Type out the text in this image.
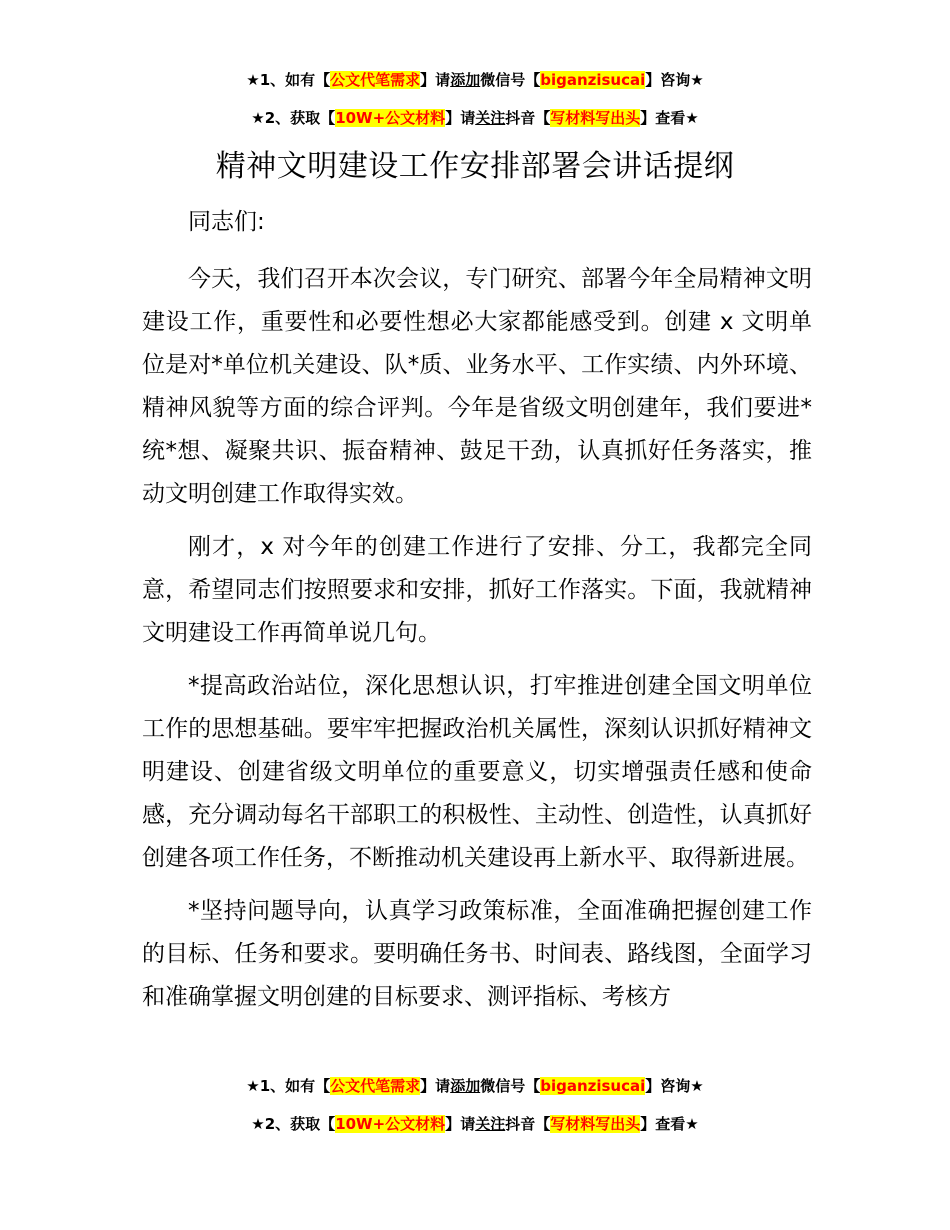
★1、如有【公文代笔需求】请添加微信号【biganzisucai】咨询★
★2、获取【10W+公文材料】请关注抖音【写材料写出头】查看★
精神文明建设工作安排部署会讲话提纲

同志们:

今天，我们召开本次会议，专门研究、部署今年全局精神文明建设工作，重要性和必要性想必大家都能感受到。创建 x 文明单位是对*单位机关建设、队*质、业务水平、工作实绩、内外环境、精神风貌等方面的综合评判。今年是省级文明创建年，我们要进*统*想、凝聚共识、振奋精神、鼓足干劲，认真抓好任务落实，推动文明创建工作取得实效。

刚才，x 对今年的创建工作进行了安排、分工，我都完全同意，希望同志们按照要求和安排，抓好工作落实。下面，我就精神文明建设工作再简单说几句。

*提高政治站位，深化思想认识，打牢推进创建全国文明单位工作的思想基础。要牢牢把握政治机关属性，深刻认识抓好精神文明建设、创建省级文明单位的重要意义，切实增强责任感和使命感，充分调动每名干部职工的积极性、主动性、创造性，认真抓好创建各项工作任务，不断推动机关建设再上新水平、取得新进展。

*坚持问题导向，认真学习政策标准，全面准确把握创建工作的目标、任务和要求。要明确任务书、时间表、路线图，全面学习和准确掌握文明创建的目标要求、测评指标、考核方

★1、如有【公文代笔需求】请添加微信号【biganzisucai】咨询★
★2、获取【10W+公文材料】请关注抖音【写材料写出头】查看★
